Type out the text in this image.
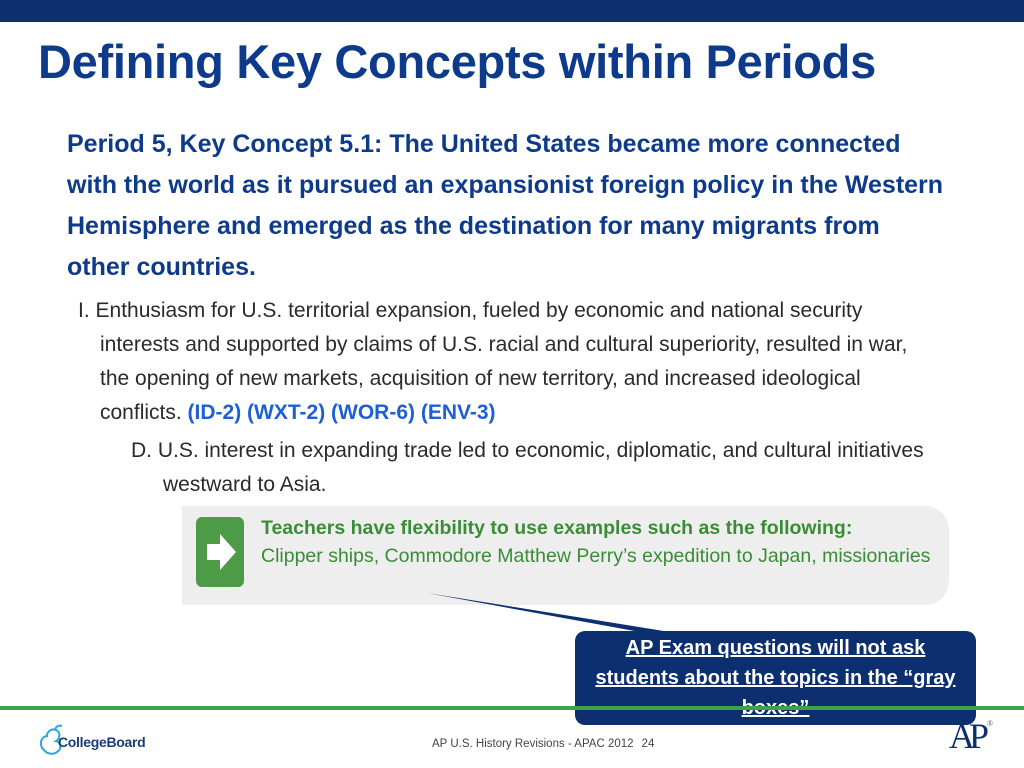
Defining Key Concepts within Periods

Period 5, Key Concept 5.1: The United States became more connected with the world as it pursued an expansionist foreign policy in the Western Hemisphere and emerged as the destination for many migrants from other countries.

I. Enthusiasm for U.S. territorial expansion, fueled by economic and national security interests and supported by claims of U.S. racial and cultural superiority, resulted in war, the opening of new markets, acquisition of new territory, and increased ideological conflicts. (ID-2) (WXT-2) (WOR-6) (ENV-3)

D. U.S. interest in expanding trade led to economic, diplomatic, and cultural initiatives westward to Asia.

Teachers have flexibility to use examples such as the following:
Clipper ships, Commodore Matthew Perry’s expedition to Japan, missionaries
AP Exam questions will not ask students about the topics in the “gray
CollegeBoard	AP U.S. History Revisions - APAC 2012 24	AP ®
